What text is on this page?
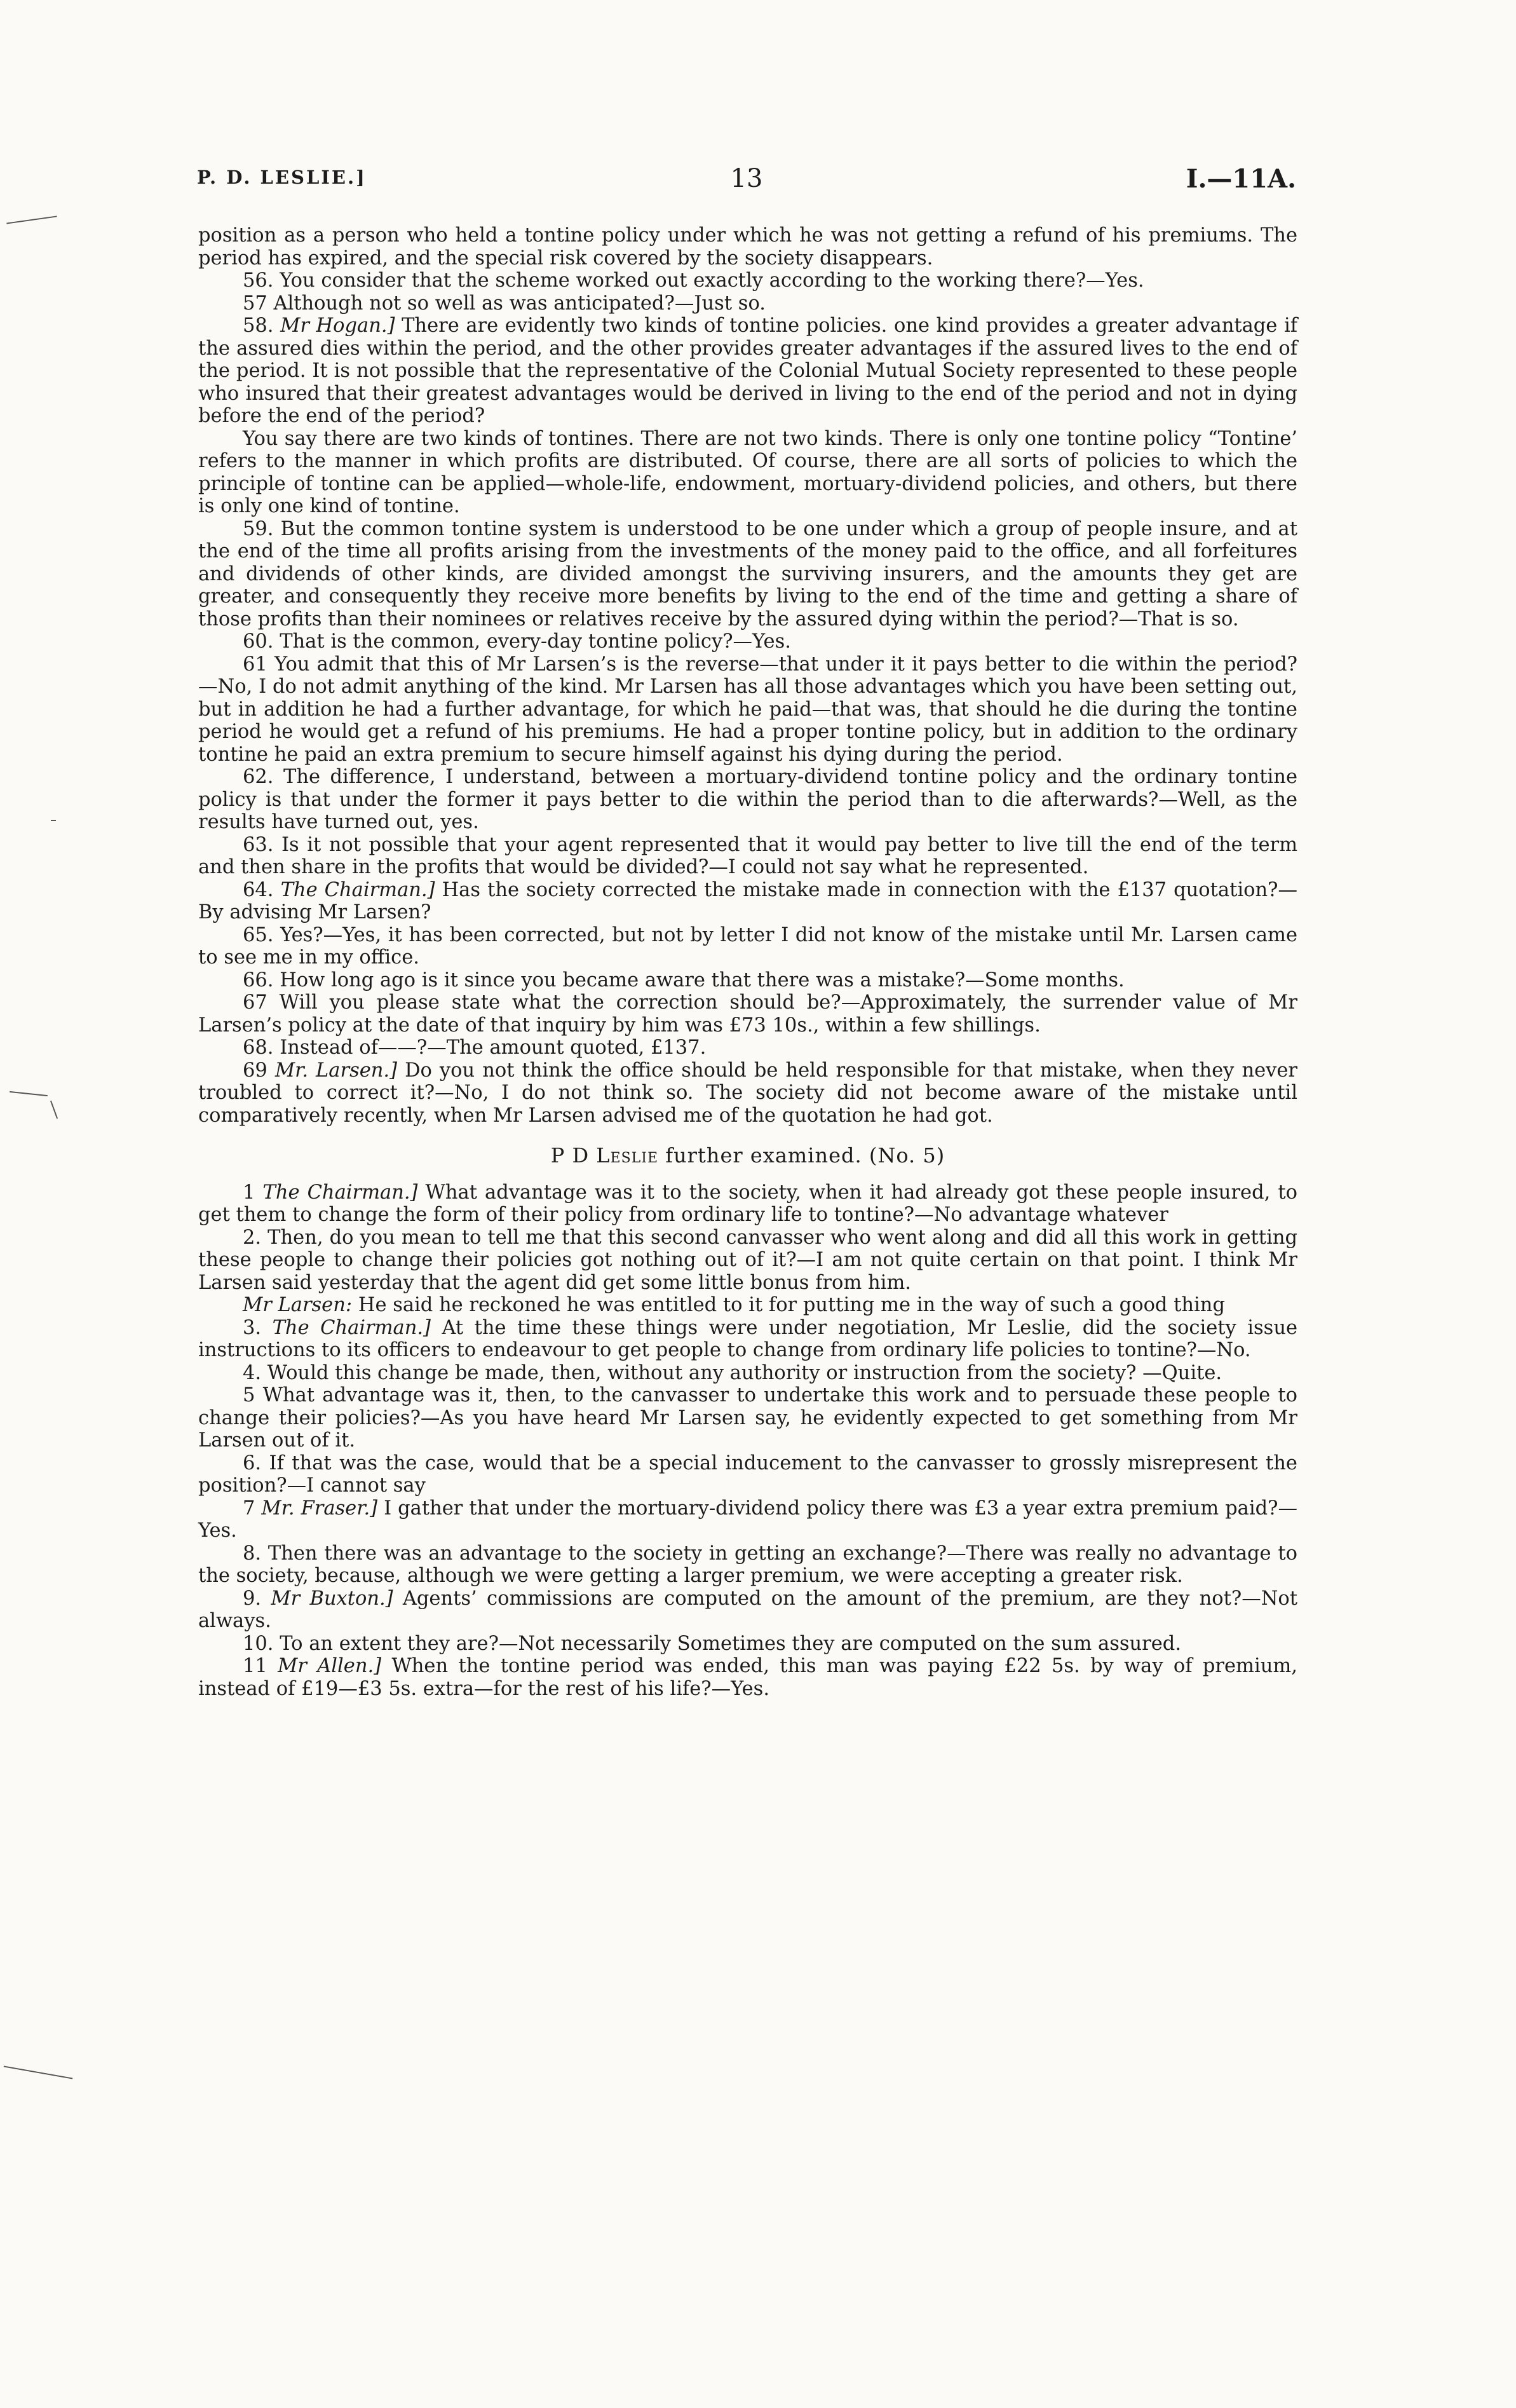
P. D. LESLIE.]	13	I.—11A.

position as a person who held a tontine policy under which he was not getting a refund of his premiums. The period has expired, and the special risk covered by the society disappears.

56. You consider that the scheme worked out exactly according to the working there?—Yes.

57 Although not so well as was anticipated?—Just so.

58. Mr Hogan.] There are evidently two kinds of tontine policies. one kind provides a greater advantage if the assured dies within the period, and the other provides greater advantages if the assured lives to the end of the period. It is not possible that the representative of the Colonial Mutual Society represented to these people who insured that their greatest advantages would be derived in living to the end of the period and not in dying before the end of the period?

You say there are two kinds of tontines. There are not two kinds. There is only one tontine policy “Tontine’ refers to the manner in which profits are distributed. Of course, there are all sorts of policies to which the principle of tontine can be applied—whole-life, endowment, mortuary-dividend policies, and others, but there is only one kind of tontine.

59. But the common tontine system is understood to be one under which a group of people insure, and at the end of the time all profits arising from the investments of the money paid to the office, and all forfeitures and dividends of other kinds, are divided amongst the surviving insurers, and the amounts they get are greater, and consequently they receive more benefits by living to the end of the time and getting a share of those profits than their nominees or relatives receive by the assured dying within the period?—That is so.

60. That is the common, every-day tontine policy?—Yes.

61 You admit that this of Mr Larsen’s is the reverse—that under it it pays better to die within the period?—No, I do not admit anything of the kind. Mr Larsen has all those advantages which you have been setting out, but in addition he had a further advantage, for which he paid—that was, that should he die during the tontine period he would get a refund of his premiums. He had a proper tontine policy, but in addition to the ordinary tontine he paid an extra premium to secure himself against his dying during the period.

62. The difference, I understand, between a mortuary-dividend tontine policy and the ordinary tontine policy is that under the former it pays better to die within the period than to die afterwards?—Well, as the results have turned out, yes.

63. Is it not possible that your agent represented that it would pay better to live till the end of the term and then share in the profits that would be divided?—I could not say what he represented.

64. The Chairman.] Has the society corrected the mistake made in connection with the £137 quotation?—By advising Mr Larsen?

65. Yes?—Yes, it has been corrected, but not by letter I did not know of the mistake until Mr. Larsen came to see me in my office.

66. How long ago is it since you became aware that there was a mistake?—Some months.

67 Will you please state what the correction should be?—Approximately, the surrender value of Mr Larsen’s policy at the date of that inquiry by him was £73 10s., within a few shillings.

68. Instead of——?—The amount quoted, £137.

69 Mr. Larsen.] Do you not think the office should be held responsible for that mistake, when they never troubled to correct it?—No, I do not think so. The society did not become aware of the mistake until comparatively recently, when Mr Larsen advised me of the quotation he had got.

P D Leslie further examined. (No. 5)

1 The Chairman.] What advantage was it to the society, when it had already got these people insured, to get them to change the form of their policy from ordinary life to tontine?—No advantage whatever

2. Then, do you mean to tell me that this second canvasser who went along and did all this work in getting these people to change their policies got nothing out of it?—I am not quite certain on that point. I think Mr Larsen said yesterday that the agent did get some little bonus from him.

Mr Larsen: He said he reckoned he was entitled to it for putting me in the way of such a good thing

3. The Chairman.] At the time these things were under negotiation, Mr Leslie, did the society issue instructions to its officers to endeavour to get people to change from ordinary life policies to tontine?—No.

4. Would this change be made, then, without any authority or instruction from the society? —Quite.

5 What advantage was it, then, to the canvasser to undertake this work and to persuade these people to change their policies?—As you have heard Mr Larsen say, he evidently expected to get something from Mr Larsen out of it.

6. If that was the case, would that be a special inducement to the canvasser to grossly misrepresent the position?—I cannot say

7 Mr. Fraser.] I gather that under the mortuary-dividend policy there was £3 a year extra premium paid?—Yes.

8. Then there was an advantage to the society in getting an exchange?—There was really no advantage to the society, because, although we were getting a larger premium, we were accepting a greater risk.

9. Mr Buxton.] Agents’ commissions are computed on the amount of the premium, are they not?—Not always.

10. To an extent they are?—Not necessarily Sometimes they are computed on the sum assured.

11 Mr Allen.] When the tontine period was ended, this man was paying £22 5s. by way of premium, instead of £19—£3 5s. extra—for the rest of his life?—Yes.
